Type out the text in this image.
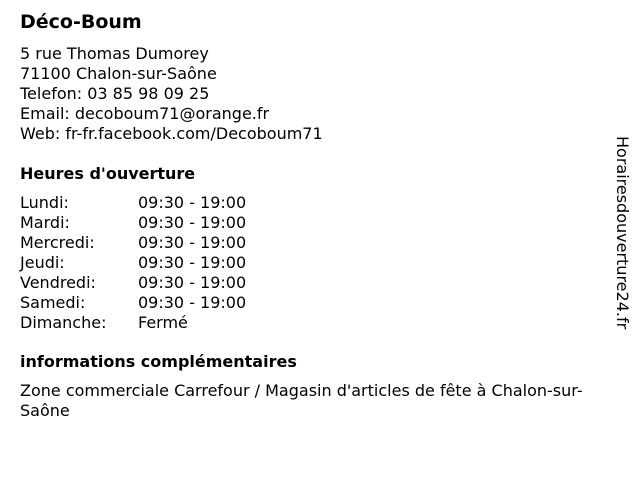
Déco-Boum
5 rue Thomas Dumorey
71100 Chalon-sur-Saône
Telefon: 03 85 98 09 25
Email: decoboum71@orange.fr
Web: fr-fr.facebook.com/Decoboum71
Heures d'ouverture
Lundi:	09:30 - 19:00
Mardi:	09:30 - 19:00
Mercredi:	09:30 - 19:00
Jeudi:	09:30 - 19:00
Vendredi:	09:30 - 19:00
Samedi:	09:30 - 19:00
Dimanche:	Fermé
informations complémentaires
Zone commerciale Carrefour / Magasin d'articles de fête à Chalon-sur-Saône
Horairesdouverture24.fr
